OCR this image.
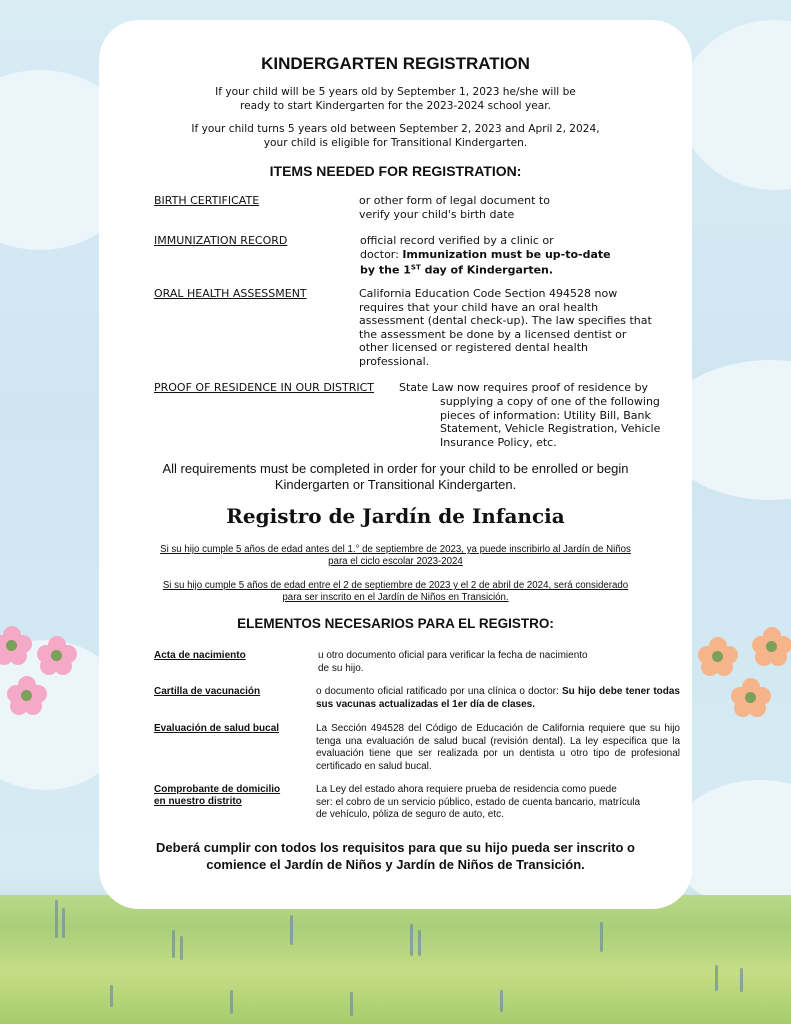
KINDERGARTEN REGISTRATION
If your child will be 5 years old by September 1, 2023 he/she will be
ready to start Kindergarten for the 2023-2024 school year.
If your child turns 5 years old between September 2, 2023 and April 2, 2024,
your child is eligible for Transitional Kindergarten.
ITEMS NEEDED FOR REGISTRATION:
BIRTH CERTIFICATE	or other form of legal document to
verify your child's birth date
IMMUNIZATION RECORD	official record verified by a clinic or
doctor: Immunization must be up-to-date
by the 1ST day of Kindergarten.
ORAL HEALTH ASSESSMENT	California Education Code Section 494528 now
requires that your child have an oral health
assessment (dental check-up). The law specifies that
the assessment be done by a licensed dentist or
other licensed or registered dental health
professional.
PROOF OF RESIDENCE IN OUR DISTRICT State Law now requires proof of residence by
supplying a copy of one of the following
pieces of information: Utility Bill, Bank
Statement, Vehicle Registration, Vehicle
Insurance Policy, etc.
All requirements must be completed in order for your child to be enrolled or begin
Kindergarten or Transitional Kindergarten.
Registro de Jardín de Infancia
Si su hijo cumple 5 años de edad antes del 1.° de septiembre de 2023, ya puede inscribirlo al Jardín de Niños
para el ciclo escolar 2023-2024
Si su hijo cumple 5 años de edad entre el 2 de septiembre de 2023 y el 2 de abril de 2024, será considerado
para ser inscrito en el Jardín de Niños en Transición.
ELEMENTOS NECESARIOS PARA EL REGISTRO:
Acta de nacimiento	u otro documento oficial para verificar la fecha de nacimiento
de su hijo.
Cartilla de vacunación	o documento oficial ratificado por una clínica o doctor: Su hijo debe tener todas sus vacunas actualizadas el 1er día de clases.
Evaluación de salud bucal	La Sección 494528 del Código de Educación de California requiere que su hijo tenga una evaluación de salud bucal (revisión dental). La ley especifica que la evaluación tiene que ser realizada por un dentista u otro tipo de profesional certificado en salud bucal.
Comprobante de domicilio
en nuestro distrito
La Ley del estado ahora requiere prueba de residencia como puede
ser: el cobro de un servicio público, estado de cuenta bancario, matrícula
de vehículo, póliza de seguro de auto, etc.
Deberá cumplir con todos los requisitos para que su hijo pueda ser inscrito o
comience el Jardín de Niños y Jardín de Niños de Transición.
